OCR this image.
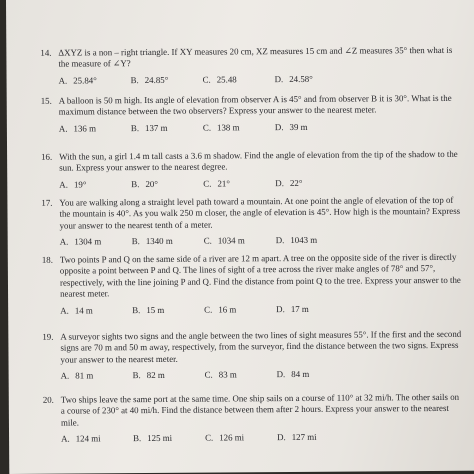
14. ΔXYZ is a non – right triangle. If XY measures 20 cm, XZ measures 15 cm and ∠Z measures 35° then what is the measure of ∠Y?
A. 25.84°	B. 24.85°	C. 25.48	D. 24.58°
15. A balloon is 50 m high. Its angle of elevation from observer A is 45° and from observer B it is 30°. What is the maximum distance between the two observers? Express your answer to the nearest meter.
A. 136 m	B. 137 m	C. 138 m	D. 39 m
16. With the sun, a girl 1.4 m tall casts a 3.6 m shadow. Find the angle of elevation from the tip of the shadow to the sun. Express your answer to the nearest degree.
A. 19°	B. 20°	C. 21°	D. 22°
17. You are walking along a straight level path toward a mountain. At one point the angle of elevation of the top of the mountain is 40°. As you walk 250 m closer, the angle of elevation is 45°. How high is the mountain? Express your answer to the nearest tenth of a meter.
A. 1304 m	B. 1340 m	C. 1034 m	D. 1043 m
18. Two points P and Q on the same side of a river are 12 m apart. A tree on the opposite side of the river is directly opposite a point between P and Q. The lines of sight of a tree across the river make angles of 78° and 57°, respectively, with the line joining P and Q. Find the distance from point Q to the tree. Express your answer to the nearest meter.
A. 14 m	B. 15 m	C. 16 m	D. 17 m
19. A surveyor sights two signs and the angle between the two lines of sight measures 55°. If the first and the second signs are 70 m and 50 m away, respectively, from the surveyor, find the distance between the two signs. Express your answer to the nearest meter.
A. 81 m	B. 82 m	C. 83 m	D. 84 m
20. Two ships leave the same port at the same time. One ship sails on a course of 110° at 32 mi/h. The other sails on a course of 230° at 40 mi/h. Find the distance between them after 2 hours. Express your answer to the nearest mile.
A. 124 mi	B. 125 mi	C. 126 mi	D. 127 mi
